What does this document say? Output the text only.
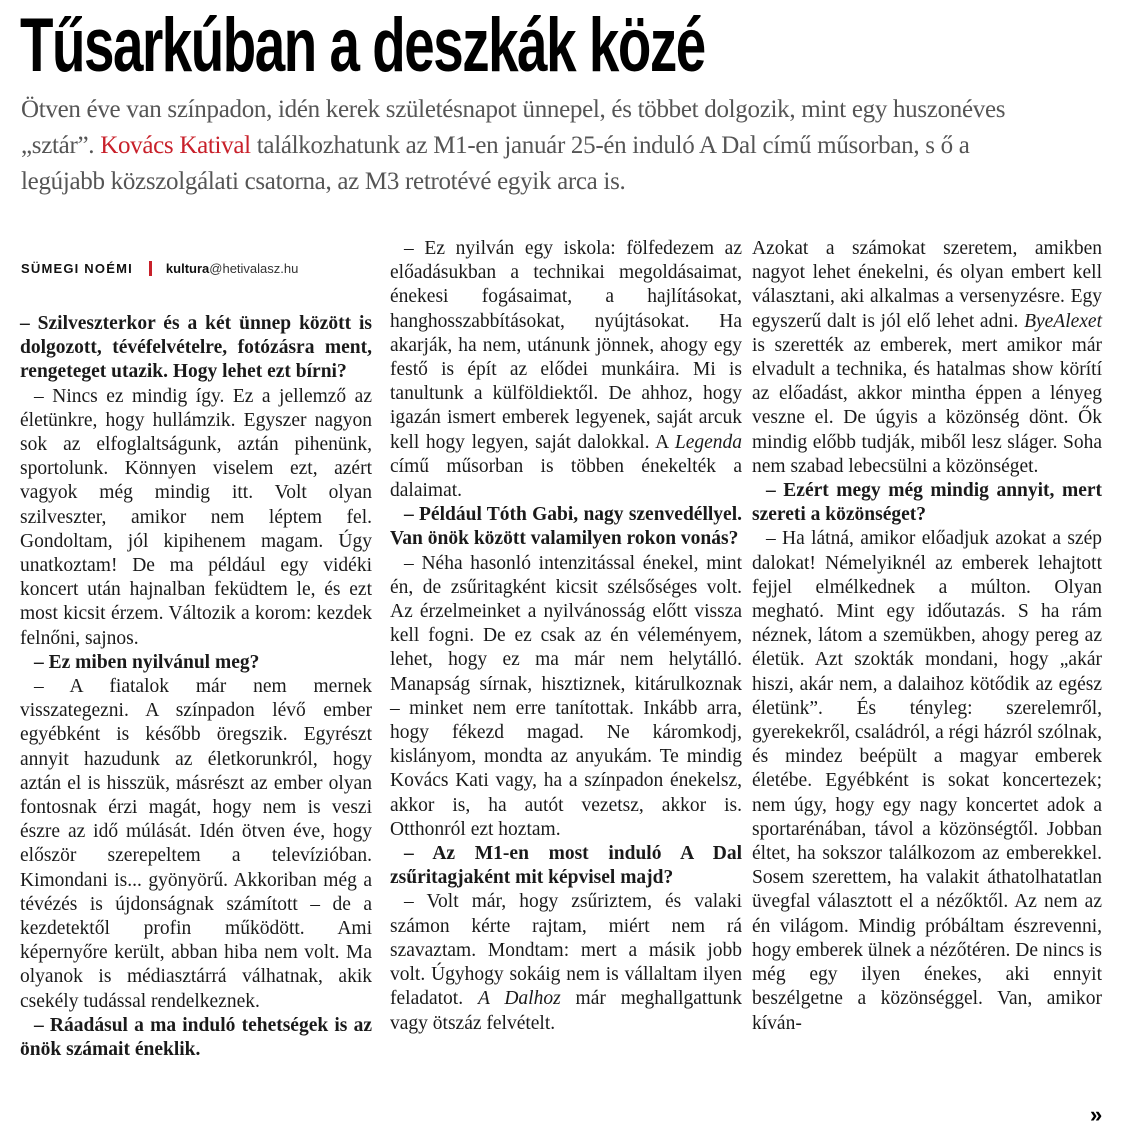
Tűsarkúban a deszkák közé
Ötven éve van színpadon, idén kerek születésnapot ünnepel, és többet dolgozik, mint egy huszonéves „sztár”. Kovács Katival találkozhatunk az M1-en január 25-én induló A Dal című műsorban, s ő a legújabb közszolgálati csatorna, az M3 retrotévé egyik arca is.
SÜMEGI NOÉMI	kultura@hetivalasz.hu

– Szilveszterkor és a két ünnep között is dolgozott, tévéfelvételre, fotózásra ment, rengeteget utazik. Hogy lehet ezt bírni?

– Nincs ez mindig így. Ez a jellemző az életünkre, hogy hullámzik. Egyszer nagyon sok az elfoglaltságunk, aztán pihenünk, sportolunk. Könnyen viselem ezt, azért vagyok még mindig itt. Volt olyan szilveszter, amikor nem léptem fel. Gondoltam, jól kipihenem magam. Úgy unatkoztam! De ma például egy vidéki koncert után hajnalban feküdtem le, és ezt most kicsit érzem. Változik a korom: kezdek felnőni, sajnos.

– Ez miben nyilvánul meg?

– A fiatalok már nem mernek visszategezni. A színpadon lévő ember egyébként is később öregszik. Egyrészt annyit hazudunk az életkorunkról, hogy aztán el is hisszük, másrészt az ember olyan fontosnak érzi magát, hogy nem is veszi észre az idő múlását. Idén ötven éve, hogy először szerepeltem a televízióban. Kimondani is... gyönyörű. Akkoriban még a tévézés is újdonságnak számított – de a kezdetektől profin működött. Ami képernyőre került, abban hiba nem volt. Ma olyanok is médiasztárrá válhatnak, akik csekély tudással rendelkeznek.

– Ráadásul a ma induló tehetségek is az önök számait éneklik.

– Ez nyilván egy iskola: fölfedezem az előadásukban a technikai megoldásaimat, énekesi fogásaimat, a hajlításokat, hanghosszabbításokat, nyújtásokat. Ha akarják, ha nem, utánunk jönnek, ahogy egy festő is épít az elődei munkáira. Mi is tanultunk a külföldiektől. De ahhoz, hogy igazán ismert emberek legyenek, saját arcuk kell hogy legyen, saját dalokkal. A Legenda című műsorban is többen énekelték a dalaimat.

– Például Tóth Gabi, nagy szenvedéllyel. Van önök között valamilyen rokon vonás?

– Néha hasonló intenzitással énekel, mint én, de zsűritagként kicsit szélsőséges volt. Az érzelmeinket a nyilvánosság előtt vissza kell fogni. De ez csak az én véleményem, lehet, hogy ez ma már nem helytálló. Manapság sírnak, hisztiznek, kitárulkoznak – minket nem erre tanítottak. Inkább arra, hogy fékezd magad. Ne káromkodj, kislányom, mondta az anyukám. Te mindig Kovács Kati vagy, ha a színpadon énekelsz, akkor is, ha autót vezetsz, akkor is. Otthonról ezt hoztam.

– Az M1-en most induló A Dal zsűritagjaként mit képvisel majd?

– Volt már, hogy zsűriztem, és valaki számon kérte rajtam, miért nem rá szavaztam. Mondtam: mert a másik jobb volt. Úgyhogy sokáig nem is vállaltam ilyen feladatot. A Dalhoz már meghallgattunk vagy ötszáz felvételt.

Azokat a számokat szeretem, amikben nagyot lehet énekelni, és olyan embert kell választani, aki alkalmas a versenyzésre. Egy egyszerű dalt is jól elő lehet adni. ByeAlexet is szerették az emberek, mert amikor már elvadult a technika, és hatalmas show körítí az előadást, akkor mintha éppen a lényeg veszne el. De úgyis a közönség dönt. Ők mindig előbb tudják, miből lesz sláger. Soha nem szabad lebecsülni a közönséget.

– Ezért megy még mindig annyit, mert szereti a közönséget?

– Ha látná, amikor előadjuk azokat a szép dalokat! Némelyiknél az emberek lehajtott fejjel elmélkednek a múlton. Olyan megható. Mint egy időutazás. S ha rám néznek, látom a szemükben, ahogy pereg az életük. Azt szokták mondani, hogy „akár hiszi, akár nem, a dalaihoz kötődik az egész életünk”. És tényleg: szerelemről, gyerekekről, családról, a régi házról szólnak, és mindez beépült a magyar emberek életébe. Egyébként is sokat koncertezek; nem úgy, hogy egy nagy koncertet adok a sportarénában, távol a közönségtől. Jobban éltet, ha sokszor találkozom az emberekkel. Sosem szerettem, ha valakit áthatolhatatlan üvegfal választott el a nézőktől. Az nem az én világom. Mindig próbáltam észrevenni, hogy emberek ülnek a nézőtéren. De nincs is még egy ilyen énekes, aki ennyit beszélgetne a közönséggel. Van, amikor kíván-

»
